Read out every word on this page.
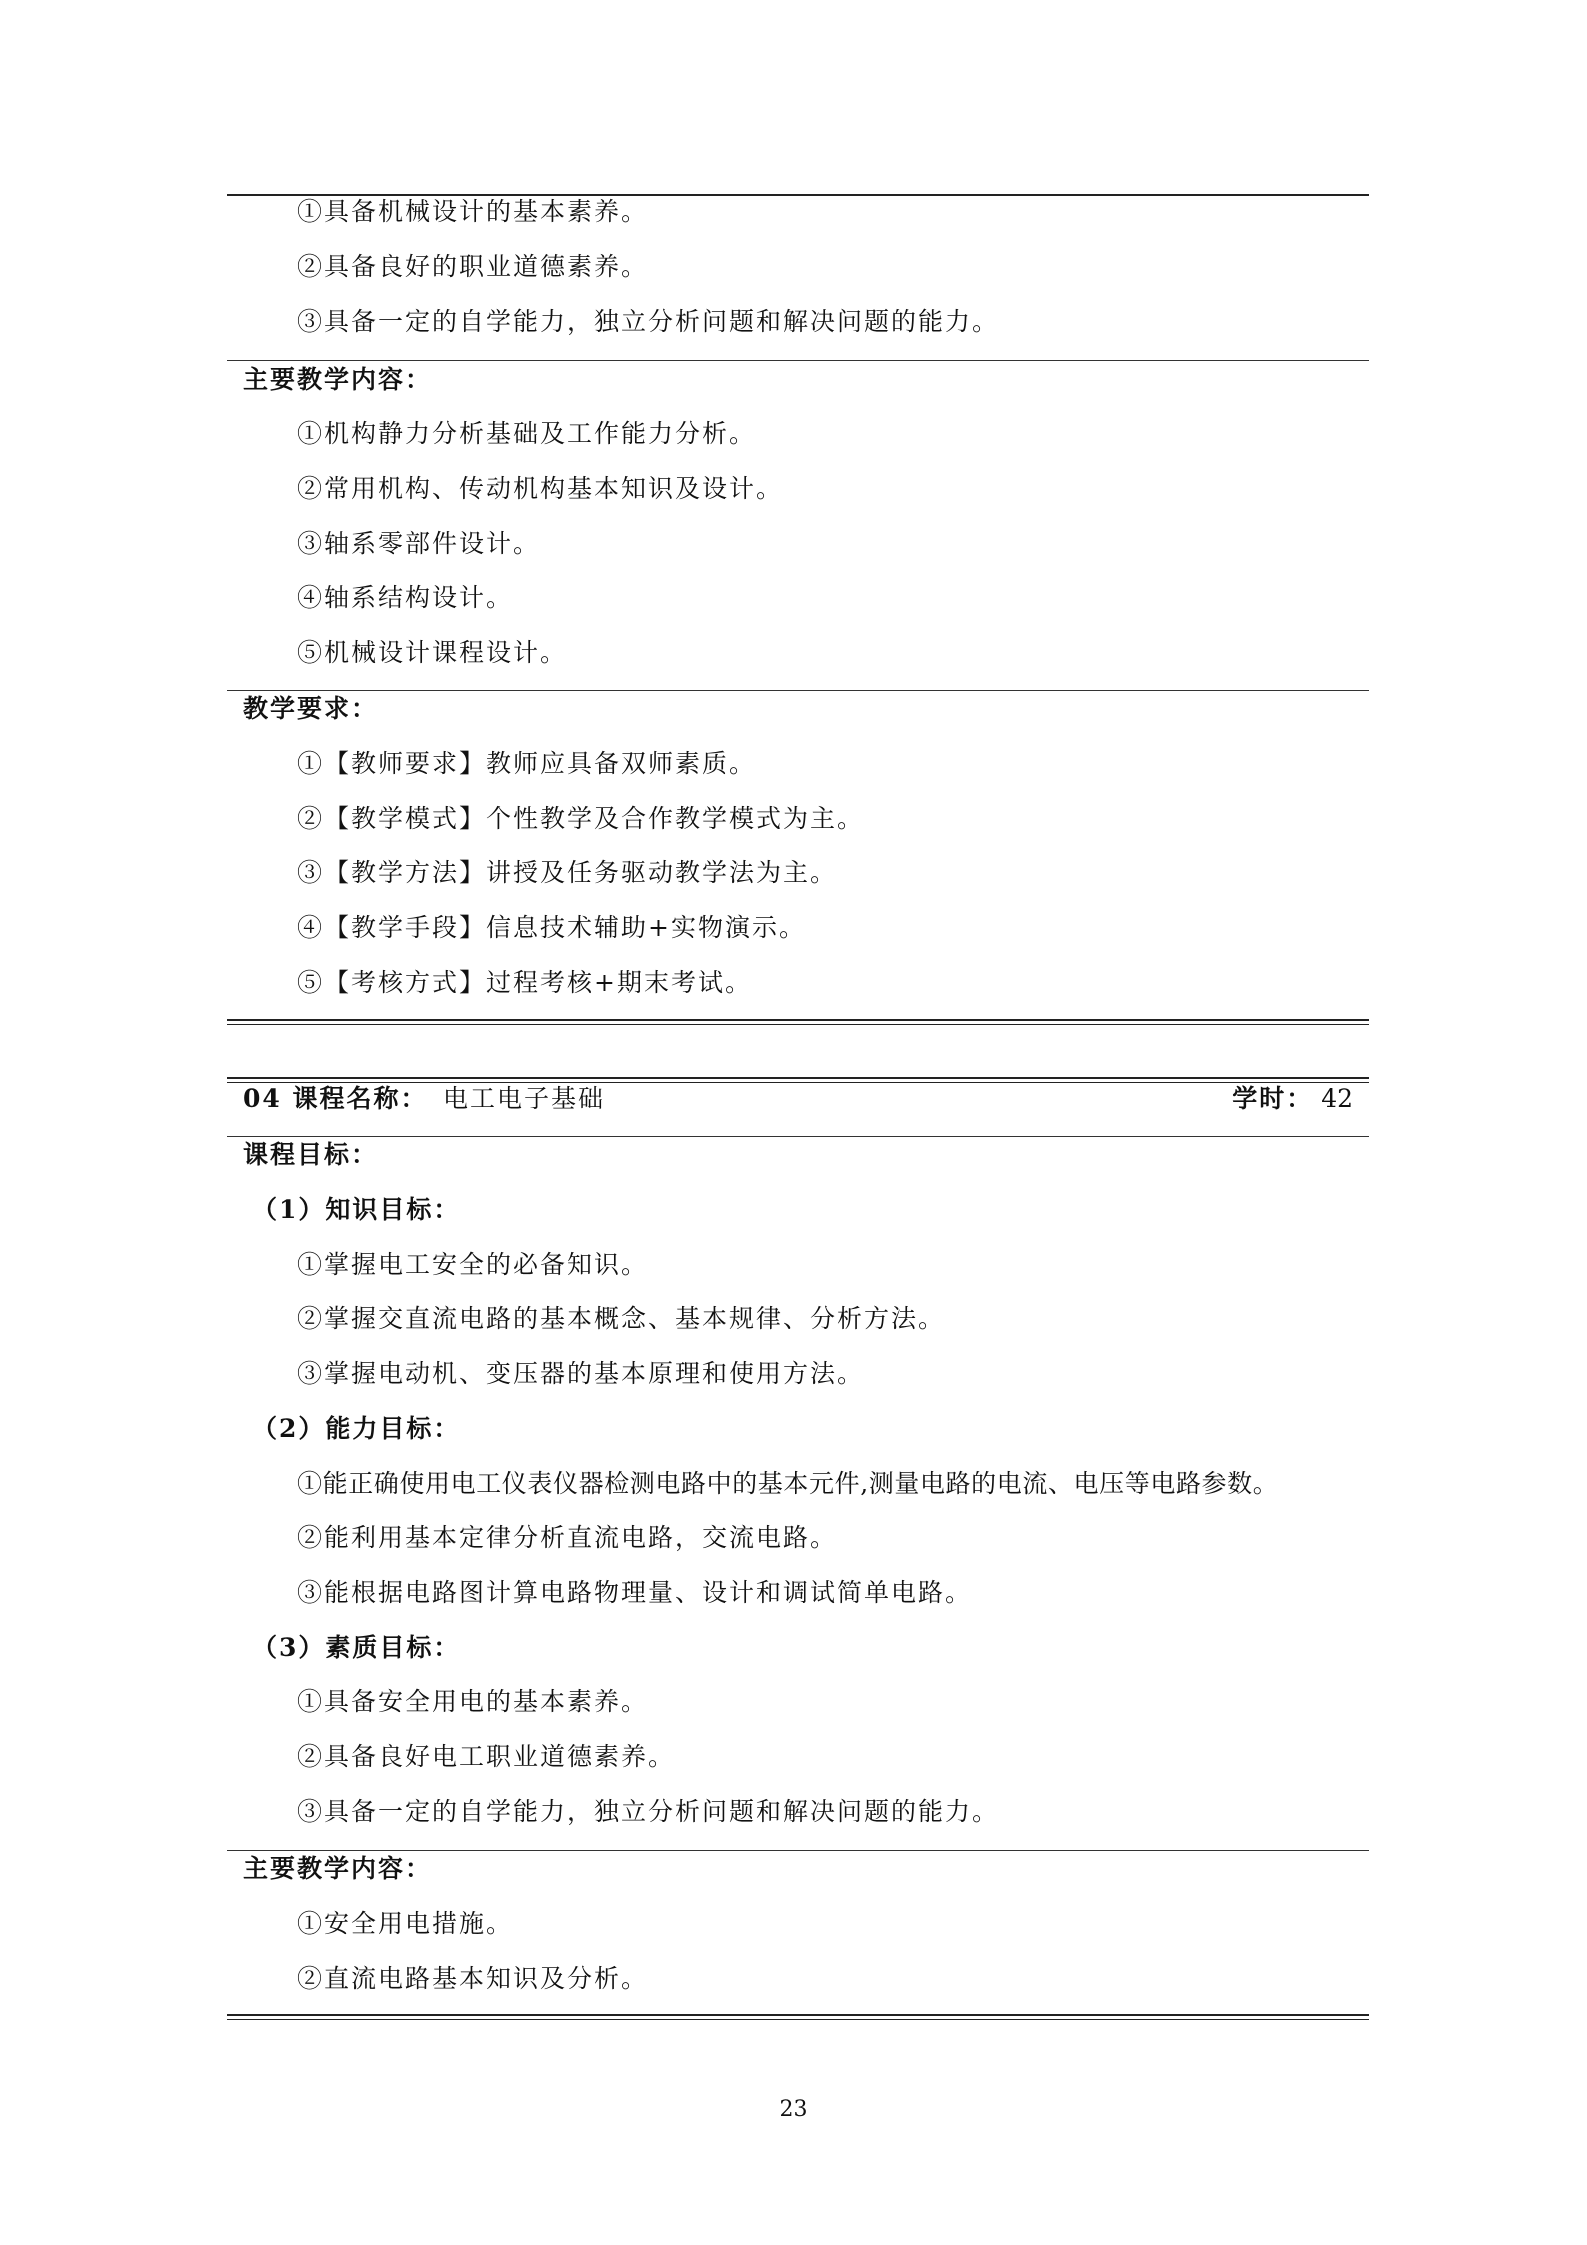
①具备机械设计的基本素养。
②具备良好的职业道德素养。
③具备一定的自学能力，独立分析问题和解决问题的能力。
主要教学内容：
①机构静力分析基础及工作能力分析。
②常用机构、传动机构基本知识及设计。
③轴系零部件设计。
④轴系结构设计。
⑤机械设计课程设计。
教学要求：
①【教师要求】教师应具备双师素质。
②【教学模式】个性教学及合作教学模式为主。
③【教学方法】讲授及任务驱动教学法为主。
④【教学手段】信息技术辅助+实物演示。
⑤【考核方式】过程考核+期末考试。
04 课程名称： 电工电子基础	学时： 42
课程目标：
（1）知识目标：
①掌握电工安全的必备知识。
②掌握交直流电路的基本概念、基本规律、分析方法。
③掌握电动机、变压器的基本原理和使用方法。
（2）能力目标：
①能正确使用电工仪表仪器检测电路中的基本元件,测量电路的电流、电压等电路参数。
②能利用基本定律分析直流电路，交流电路。
③能根据电路图计算电路物理量、设计和调试简单电路。
（3）素质目标：
①具备安全用电的基本素养。
②具备良好电工职业道德素养。
③具备一定的自学能力，独立分析问题和解决问题的能力。
主要教学内容：
①安全用电措施。
②直流电路基本知识及分析。
23
